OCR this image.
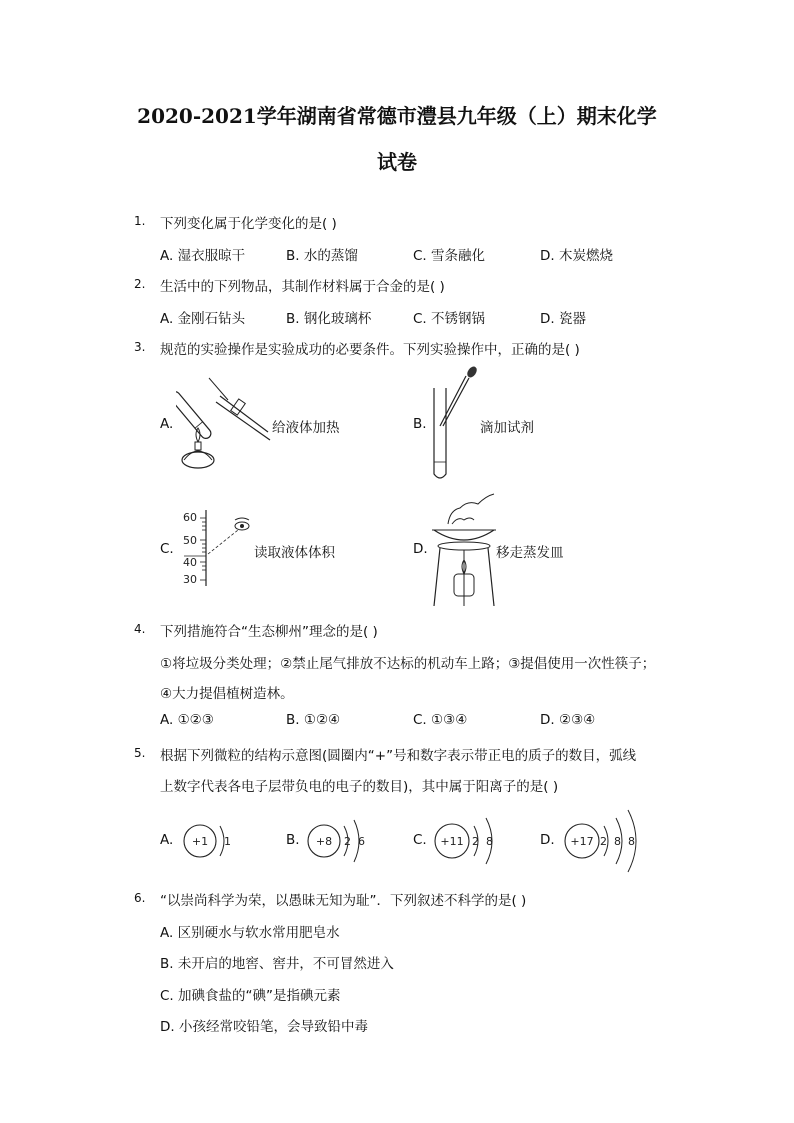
2020-2021学年湖南省常德市澧县九年级（上）期末化学
试卷
1. 下列变化属于化学变化的是( )
A. 湿衣服晾干	B. 水的蒸馏	C. 雪条融化	D. 木炭燃烧
2. 生活中的下列物品，其制作材料属于合金的是( )
A. 金刚石钻头	B. 钢化玻璃杯	C. 不锈钢锅	D. 瓷器
3. 规范的实验操作是实验成功的必要条件。下列实验操作中，正确的是( )
A.	给液体加热	B.	滴加试剂
C.
60
50
40
30
读取液体体积	D.	移走蒸发皿
4. 下列措施符合“生态柳州”理念的是( )
①将垃圾分类处理；②禁止尾气排放不达标的机动车上路；③提倡使用一次性筷子；
④大力提倡植树造林。
A. ①②③	B. ①②④	C. ①③④	D. ②③④
5. 根据下列微粒的结构示意图(圆圈内“+”号和数字表示带正电的质子的数目，弧线
上数字代表各电子层带负电的电子的数目)，其中属于阳离子的是( )
A. +1 1	B. +8 2 6	C. +11 2 8	D. +17 2 8 8
6. “以崇尚科学为荣，以愚昧无知为耻”．下列叙述不科学的是( )
A. 区别硬水与软水常用肥皂水
B. 未开启的地窖、窖井，不可冒然进入
C. 加碘食盐的“碘”是指碘元素
D. 小孩经常咬铅笔，会导致铅中毒
